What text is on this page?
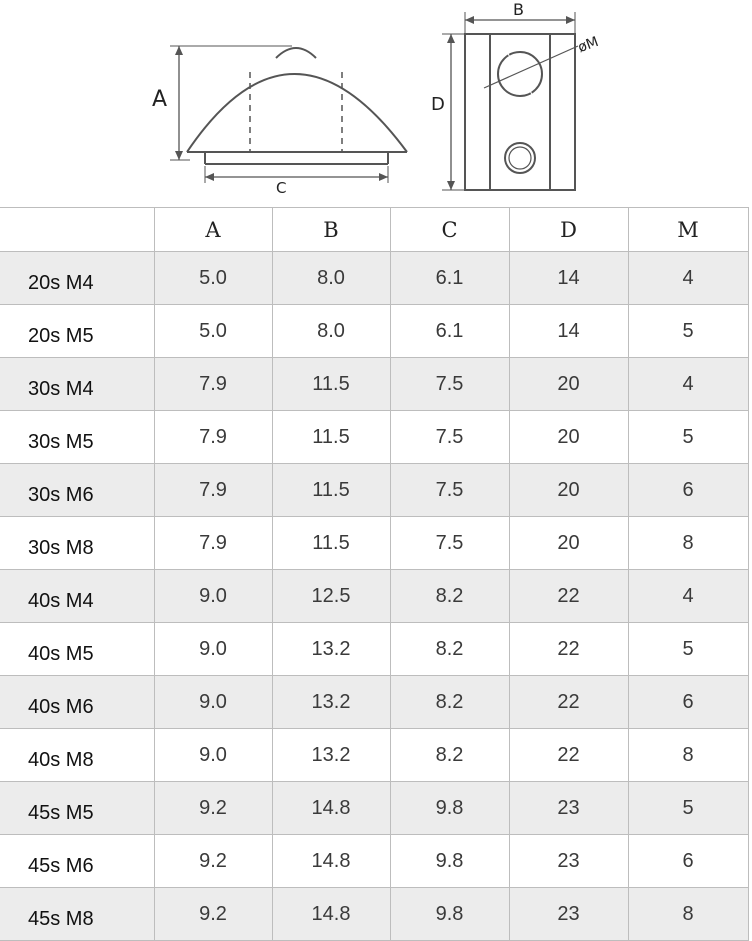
A
C
B
D
øM
	A	B	C	D	M
20s M4	5.0	8.0	6.1	14	4
20s M5	5.0	8.0	6.1	14	5
30s M4	7.9	11.5	7.5	20	4
30s M5	7.9	11.5	7.5	20	5
30s M6	7.9	11.5	7.5	20	6
30s M8	7.9	11.5	7.5	20	8
40s M4	9.0	12.5	8.2	22	4
40s M5	9.0	13.2	8.2	22	5
40s M6	9.0	13.2	8.2	22	6
40s M8	9.0	13.2	8.2	22	8
45s M5	9.2	14.8	9.8	23	5
45s M6	9.2	14.8	9.8	23	6
45s M8	9.2	14.8	9.8	23	8
